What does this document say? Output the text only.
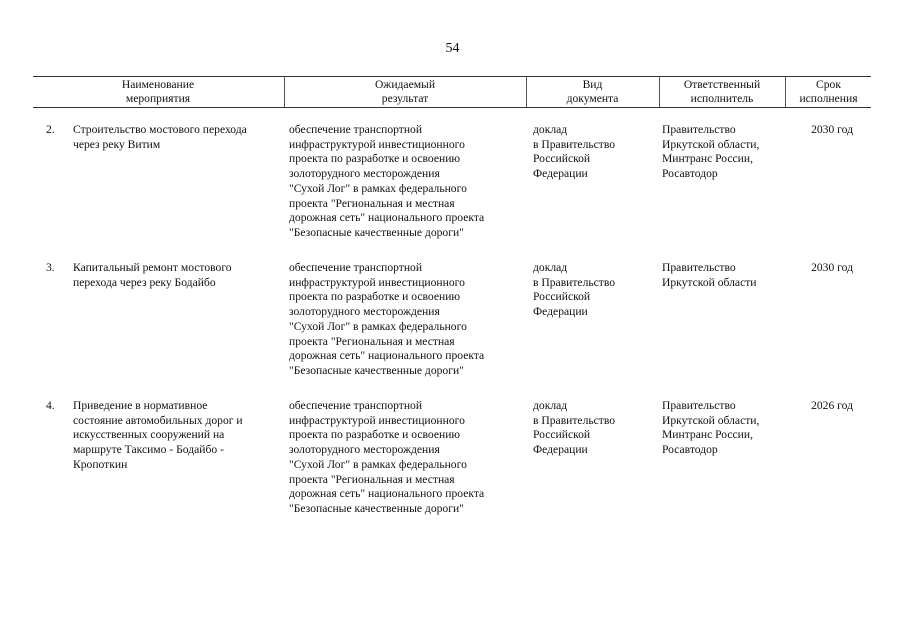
54
Наименование
мероприятия
Ожидаемый
результат
Вид
документа
Ответственный
исполнитель
Срок
исполнения
2. Строительство мостового перехода
через реку Витим
обеспечение транспортной
инфраструктурой инвестиционного
проекта по разработке и освоению
золоторудного месторождения
"Сухой Лог" в рамках федерального
проекта "Региональная и местная
дорожная сеть" национального проекта
"Безопасные качественные дороги"
доклад
в Правительство
Российской
Федерации
Правительство
Иркутской области,
Минтранс России,
Росавтодор
2030 год
3. Капитальный ремонт мостового
перехода через реку Бодайбо
обеспечение транспортной
инфраструктурой инвестиционного
проекта по разработке и освоению
золоторудного месторождения
"Сухой Лог" в рамках федерального
проекта "Региональная и местная
дорожная сеть" национального проекта
"Безопасные качественные дороги"
доклад
в Правительство
Российской
Федерации
Правительство
Иркутской области
2030 год
4. Приведение в нормативное
состояние автомобильных дорог и
искусственных сооружений на
маршруте Таксимо - Бодайбо -
Кропоткин
обеспечение транспортной
инфраструктурой инвестиционного
проекта по разработке и освоению
золоторудного месторождения
"Сухой Лог" в рамках федерального
проекта "Региональная и местная
дорожная сеть" национального проекта
"Безопасные качественные дороги"
доклад
в Правительство
Российской
Федерации
Правительство
Иркутской области,
Минтранс России,
Росавтодор
2026 год
